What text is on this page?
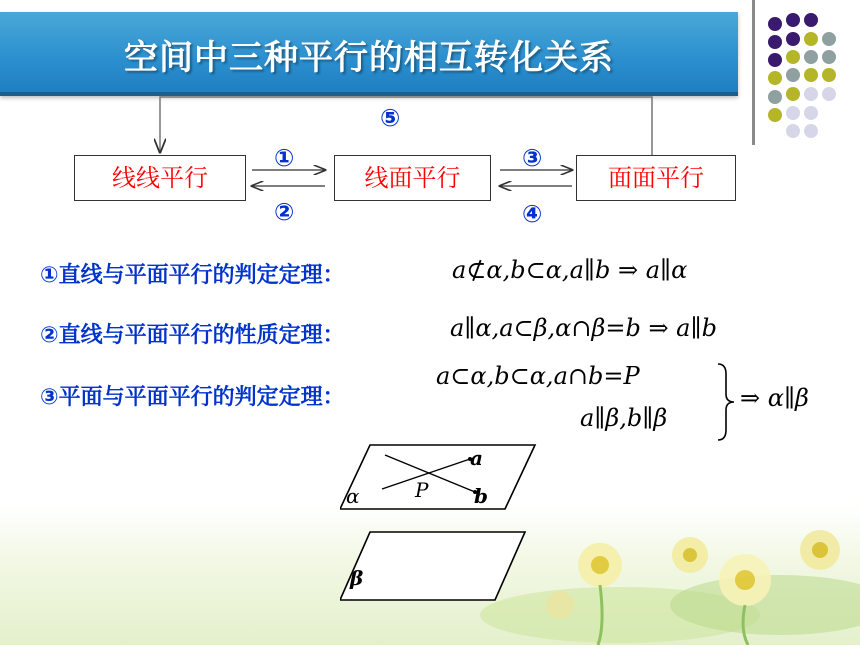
空间中三种平行的相互转化关系
线线平行	线面平行	面面平行
⑤
①
②
③
④
①直线与平面平行的判定定理：	a⊄α,b⊂α,a∥b ⇒ a∥α
②直线与平面平行的性质定理：	a∥α,a⊂β,α∩β=b ⇒ a∥b
③平面与平面平行的判定定理：
a⊂α,b⊂α,a∩b=P
a∥β,b∥β
⇒ α∥β
a
b
P
α
β
